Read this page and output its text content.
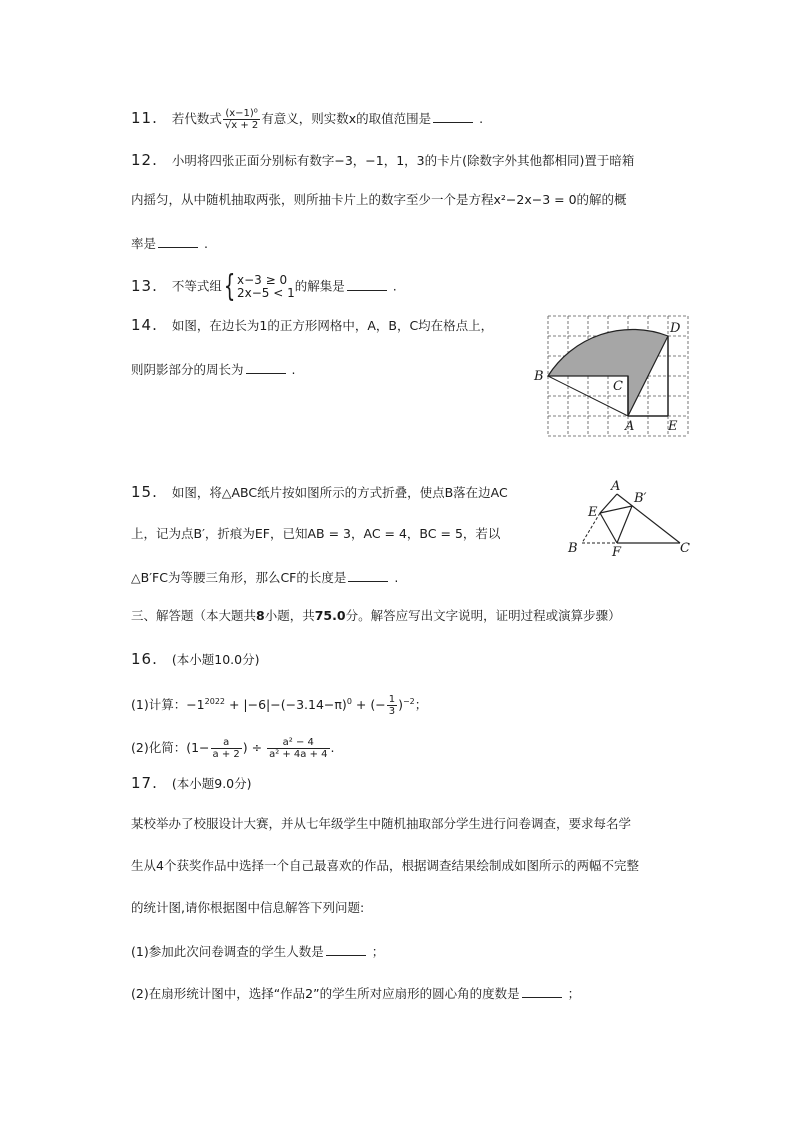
11. 若代数式 $\frac{\text{(x−1)⁰}}{√x + 2}$ 有意义，则实数x的取值范围是	.
12. 小明将四张正面分别标有数字−3，−1，1，3的卡片(除数字外其他都相同)置于暗箱
内摇匀，从中随机抽取两张，则所抽卡片上的数字至少一个是方程x²−2x−3 = 0的解的概
率是	.
13. 不等式组{ x−3 ≥ 0
2x−5 < 1 的解集是	.
14. 如图，在边长为1的正方形网格中，A，B，C均在格点上，
则阴影部分的周长为	.	B
C
A	E
D
15. 如图，将△ABC纸片按如图所示的方式折叠，使点B落在边AC
上，记为点B′，折痕为EF，已知AB = 3，AC = 4，BC = 5，若以
△B′FC为等腰三角形，那么CF的长度是	.
A
B′
E
B	F	C
三、解答题（本大题共8小题，共75.0分。解答应写出文字说明，证明过程或演算步骤）
16. (本小题10.0分)
(1)计算：$-1^{2022} + |-6|-(-3.14-\pi)^0$ + (− $\frac{1}{3} )^{-2}$；
(2)化简：($1- \frac{a}{a + 2}$ ) ÷ $\frac{\text{a² − 4}}{\text{a² + 4a + 4}}$ .
17. (本小题9.0分)
某校举办了校服设计大赛，并从七年级学生中随机抽取部分学生进行问卷调查，要求每名学
生从4个获奖作品中选择一个自己最喜欢的作品，根据调查结果绘制成如图所示的两幅不完整
的统计图,请你根据图中信息解答下列问题:
(1)参加此次问卷调查的学生人数是	；
(2)在扇形统计图中，选择“作品2”的学生所对应扇形的圆心角的度数是	；
